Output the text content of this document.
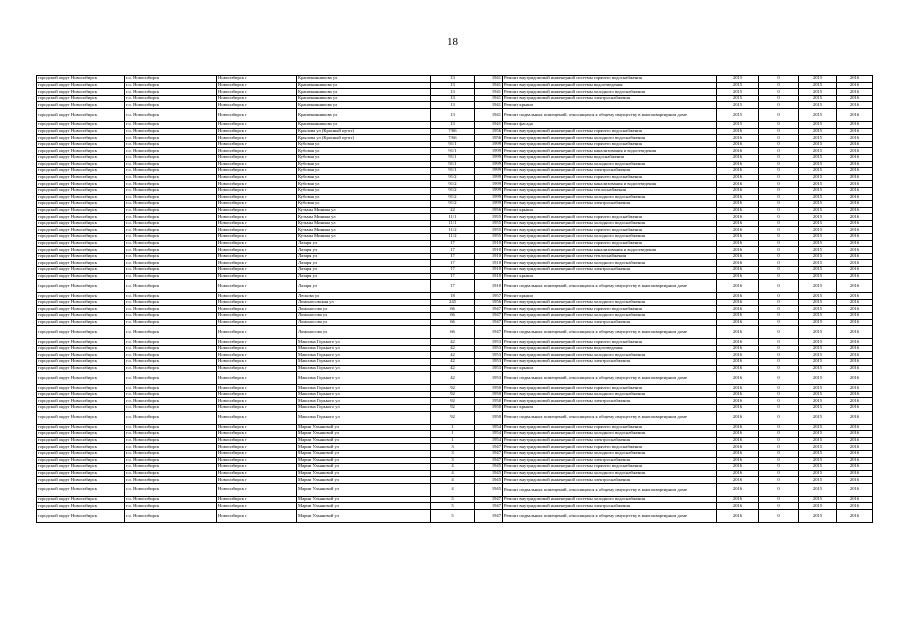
18
городской округ Новосибирск	г.о. Новосибирск	Новосибирск г	Крашенинникова ул	13	1941	Ремонт внутридомовой инженерной системы горячего водоснабжения	2015	0	2015	2016
городской округ Новосибирск	г.о. Новосибирск	Новосибирск г	Крашенинникова ул	13	1941	Ремонт внутридомовой инженерной системы водоотведения	2015	0	2015	2016
городской округ Новосибирск	г.о. Новосибирск	Новосибирск г	Крашенинникова ул	13	1941	Ремонт внутридомовой инженерной системы холодного водоснабжения	2015	0	2015	2016
городской округ Новосибирск	г.о. Новосибирск	Новосибирск г	Крашенинникова ул	13	1941	Ремонт внутридомовой инженерной системы электроснабжения	2015	0	2015	2016
городской округ Новосибирск	г.о. Новосибирск	Новосибирск г	Крашенинникова ул	13	1941	Ремонт крыши	2015	0	2015	2016
городской округ Новосибирск	г.о. Новосибирск	Новосибирск г	Крашенинникова ул	13	1941	Ремонт подвальных помещений, относящихся к общему имуществу в многоквартирном доме	2015	0	2015	2016
городской округ Новосибирск	г.о. Новосибирск	Новосибирск г	Крашенинникова ул	13	1941	Ремонт фасада	2015	0	2015	2016
городской округ Новосибирск	г.о. Новосибирск	Новосибирск г	Крылова ул (Красный пр-кт)	7/66	1956	Ремонт внутридомовой инженерной системы горячего водоснабжения	2016	0	2015	2016
городской округ Новосибирск	г.о. Новосибирск	Новосибирск г	Крылова ул (Красный пр-кт)	7/66	1956	Ремонт внутридомовой инженерной системы холодного водоснабжения	2016	0	2015	2016
городской округ Новосибирск	г.о. Новосибирск	Новосибирск г	Кубовая ул	91/1	1999	Ремонт внутридомовой инженерной системы горячего водоснабжения	2016	0	2015	2016
городской округ Новосибирск	г.о. Новосибирск	Новосибирск г	Кубовая ул	91/1	1999	Ремонт внутридомовой инженерной системы канализования и водоотведения	2016	0	2015	2016
городской округ Новосибирск	г.о. Новосибирск	Новосибирск г	Кубовая ул	91/1	1999	Ремонт внутридомовой инженерной системы водоснабжения	2016	0	2015	2016
городской округ Новосибирск	г.о. Новосибирск	Новосибирск г	Кубовая ул	91/1	1999	Ремонт внутридомовой инженерной системы холодного водоснабжения	2016	0	2015	2016
городской округ Новосибирск	г.о. Новосибирск	Новосибирск г	Кубовая ул	91/1	1999	Ремонт внутридомовой инженерной системы электроснабжения	2016	0	2015	2016
городской округ Новосибирск	г.о. Новосибирск	Новосибирск г	Кубовая ул	91/2	1999	Ремонт внутридомовой инженерной системы горячего водоснабжения	2016	0	2015	2016
городской округ Новосибирск	г.о. Новосибирск	Новосибирск г	Кубовая ул	91/2	1999	Ремонт внутридомовой инженерной системы канализования и водоотведения	2016	0	2015	2016
городской округ Новосибирск	г.о. Новосибирск	Новосибирск г	Кубовая ул	91/2	1999	Ремонт внутридомовой инженерной системы теплоснабжения	2016	0	2015	2016
городской округ Новосибирск	г.о. Новосибирск	Новосибирск г	Кубовая ул	91/2	1999	Ремонт внутридомовой инженерной системы холодного водоснабжения	2016	0	2015	2016
городской округ Новосибирск	г.о. Новосибирск	Новосибирск г	Кубовая ул	91/2	1999	Ремонт внутридомовой инженерной системы электроснабжения	2016	0	2015	2016
городской округ Новосибирск	г.о. Новосибирск	Новосибирск г	Кузьмы Минина ул	22	1956	Ремонт крыши	2016	0	2015	2016
городской округ Новосибирск	г.о. Новосибирск	Новосибирск г	Кузьмы Минина ул	11/1	1955	Ремонт внутридомовой инженерной системы горячего водоснабжения	2016	0	2015	2016
городской округ Новосибирск	г.о. Новосибирск	Новосибирск г	Кузьмы Минина ул	11/1	1955	Ремонт внутридомовой инженерной системы холодного водоснабжения	2016	0	2015	2016
городской округ Новосибирск	г.о. Новосибирск	Новосибирск г	Кузьмы Минина ул	11/2	1955	Ремонт внутридомовой инженерной системы горячего водоснабжения	2016	0	2015	2016
городской округ Новосибирск	г.о. Новосибирск	Новосибирск г	Кузьмы Минина ул	11/2	1955	Ремонт внутридомовой инженерной системы холодного водоснабжения	2016	0	2015	2016
городской округ Новосибирск	г.о. Новосибирск	Новосибирск г	Лазаря ул	17	1910	Ремонт внутридомовой инженерной системы горячего водоснабжения	2016	0	2015	2016
городской округ Новосибирск	г.о. Новосибирск	Новосибирск г	Лазаря ул	17	1910	Ремонт внутридомовой инженерной системы канализования и водоотведения	2016	0	2015	2016
городской округ Новосибирск	г.о. Новосибирск	Новосибирск г	Лазаря ул	17	1910	Ремонт внутридомовой инженерной системы теплоснабжения	2016	0	2015	2016
городской округ Новосибирск	г.о. Новосибирск	Новосибирск г	Лазаря ул	17	1910	Ремонт внутридомовой инженерной системы холодного водоснабжения	2016	0	2015	2016
городской округ Новосибирск	г.о. Новосибирск	Новосибирск г	Лазаря ул	17	1910	Ремонт внутридомовой инженерной системы электроснабжения	2016	0	2015	2016
городской округ Новосибирск	г.о. Новосибирск	Новосибирск г	Лазаря ул	17	1910	Ремонт крыши	2016	0	2015	2016
городской округ Новосибирск	г.о. Новосибирск	Новосибирск г	Лазаря ул	17	1910	Ремонт подвальных помещений, относящихся к общему имуществу в многоквартирном доме	2016	0	2015	2016
городской округ Новосибирск	г.о. Новосибирск	Новосибирск г	Лескова ул	18	1957	Ремонт крыши	2016	0	2015	2016
городской округ Новосибирск	г.о. Новосибирск	Новосибирск г	Ломоносовская ул	245	1956	Ремонт внутридомовой инженерной системы холодного водоснабжения	2016	0	2015	2016
городской округ Новосибирск	г.о. Новосибирск	Новосибирск г	Ломоносова ул	66	1947	Ремонт внутридомовой инженерной системы горячего водоснабжения	2016	0	2015	2016
городской округ Новосибирск	г.о. Новосибирск	Новосибирск г	Ломоносова ул	66	1947	Ремонт внутридомовой инженерной системы холодного водоснабжения	2016	0	2015	2016
городской округ Новосибирск	г.о. Новосибирск	Новосибирск г	Ломоносова ул	66	1947	Ремонт внутридомовой инженерной системы электроснабжения	2016	0	2015	2016
городской округ Новосибирск	г.о. Новосибирск	Новосибирск г	Ломоносова ул	66	1947	Ремонт подвальных помещений, относящихся к общему имуществу в многоквартирном доме	2016	0	2015	2016
городской округ Новосибирск	г.о. Новосибирск	Новосибирск г	Максима Горького ул	42	1953	Ремонт внутридомовой инженерной системы горячего водоснабжения	2016	0	2015	2016
городской округ Новосибирск	г.о. Новосибирск	Новосибирск г	Максима Горького ул	42	1953	Ремонт внутридомовой инженерной системы водоотведения	2016	0	2015	2016
городской округ Новосибирск	г.о. Новосибирск	Новосибирск г	Максима Горького ул	42	1953	Ремонт внутридомовой инженерной системы холодного водоснабжения	2016	0	2015	2016
городской округ Новосибирск	г.о. Новосибирск	Новосибирск г	Максима Горького ул	42	1953	Ремонт внутридомовой инженерной системы электроснабжения	2016	0	2015	2016
городской округ Новосибирск	г.о. Новосибирск	Новосибирск г	Максима Горького ул	42	1953	Ремонт крыши	2016	0	2015	2016
городской округ Новосибирск	г.о. Новосибирск	Новосибирск г	Максима Горького ул	42	1953	Ремонт подвальных помещений, относящихся к общему имуществу в многоквартирном доме	2016	0	2015	2016
городской округ Новосибирск	г.о. Новосибирск	Новосибирск г	Максима Горького ул	92	1950	Ремонт внутридомовой инженерной системы горячего водоснабжения	2016	0	2015	2016
городской округ Новосибирск	г.о. Новосибирск	Новосибирск г	Максима Горького ул	92	1950	Ремонт внутридомовой инженерной системы холодного водоснабжения	2016	0	2015	2016
городской округ Новосибирск	г.о. Новосибирск	Новосибирск г	Максима Горького ул	92	1950	Ремонт внутридомовой инженерной системы электроснабжения	2016	0	2015	2016
городской округ Новосибирск	г.о. Новосибирск	Новосибирск г	Максима Горького ул	92	1950	Ремонт крыши	2016	0	2015	2016
городской округ Новосибирск	г.о. Новосибирск	Новосибирск г	Максима Горького ул	92	1950	Ремонт подвальных помещений, относящихся к общему имуществу в многоквартирном доме	2016	0	2015	2016
городской округ Новосибирск	г.о. Новосибирск	Новосибирск г	Марии Ульяновой ул	1	1954	Ремонт внутридомовой инженерной системы горячего водоснабжения	2016	0	2015	2016
городской округ Новосибирск	г.о. Новосибирск	Новосибирск г	Марии Ульяновой ул	1	1954	Ремонт внутридомовой инженерной системы холодного водоснабжения	2016	0	2015	2016
городской округ Новосибирск	г.о. Новосибирск	Новосибирск г	Марии Ульяновой ул	1	1954	Ремонт внутридомовой инженерной системы электроснабжения	2016	0	2015	2016
городской округ Новосибирск	г.о. Новосибирск	Новосибирск г	Марии Ульяновой ул	3	1947	Ремонт внутридомовой инженерной системы горячего водоснабжения	2016	0	2015	2016
городской округ Новосибирск	г.о. Новосибирск	Новосибирск г	Марии Ульяновой ул	3	1947	Ремонт внутридомовой инженерной системы холодного водоснабжения	2016	0	2015	2016
городской округ Новосибирск	г.о. Новосибирск	Новосибирск г	Марии Ульяновой ул	3	1947	Ремонт внутридомовой инженерной системы электроснабжения	2016	0	2015	2016
городской округ Новосибирск	г.о. Новосибирск	Новосибирск г	Марии Ульяновой ул	4	1945	Ремонт внутридомовой инженерной системы горячего водоснабжения	2016	0	2015	2016
городской округ Новосибирск	г.о. Новосибирск	Новосибирск г	Марии Ульяновой ул	4	1945	Ремонт внутридомовой инженерной системы холодного водоснабжения	2016	0	2015	2016
городской округ Новосибирск	г.о. Новосибирск	Новосибирск г	Марии Ульяновой ул	4	1945	Ремонт внутридомовой инженерной системы электроснабжения	2016	0	2015	2016
городской округ Новосибирск	г.о. Новосибирск	Новосибирск г	Марии Ульяновой ул	4	1945	Ремонт подвальных помещений, относящихся к общему имуществу в многоквартирном доме	2016	0	2015	2016
городской округ Новосибирск	г.о. Новосибирск	Новосибирск г	Марии Ульяновой ул	5	1947	Ремонт внутридомовой инженерной системы холодного водоснабжения	2016	0	2015	2016
городской округ Новосибирск	г.о. Новосибирск	Новосибирск г	Марии Ульяновой ул	5	1947	Ремонт внутридомовой инженерной системы электроснабжения	2016	0	2015	2016
городской округ Новосибирск	г.о. Новосибирск	Новосибирск г	Марии Ульяновой ул	5	1947	Ремонт подвальных помещений, относящихся к общему имуществу в многоквартирном доме	2016	0	2015	2016
